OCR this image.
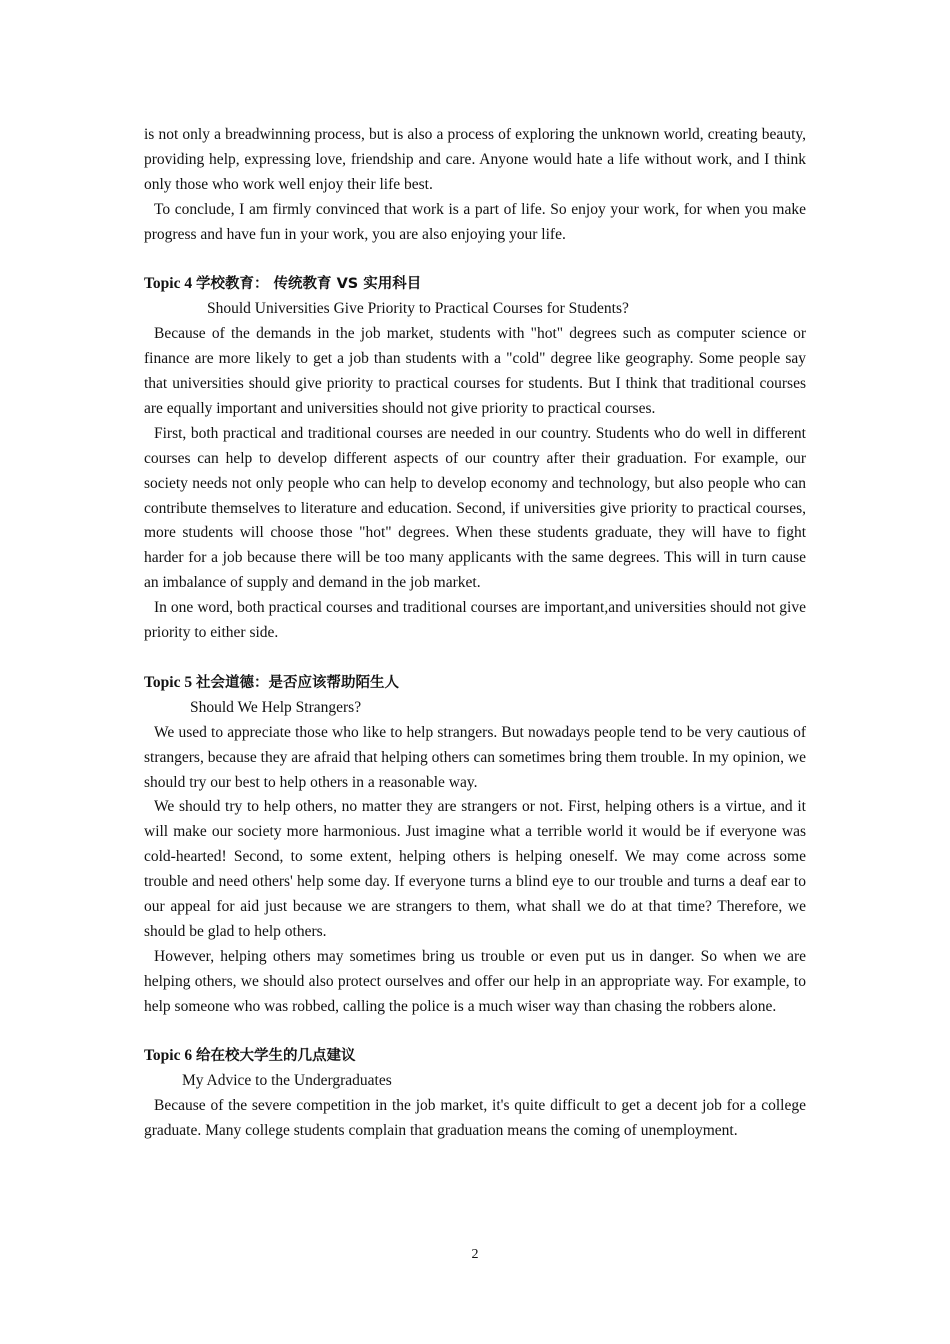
is not only a breadwinning process, but is also a process of exploring the unknown world, creating beauty, providing help, expressing love, friendship and care. Anyone would hate a life without work, and I think only those who work well enjoy their life best.

To conclude, I am firmly convinced that work is a part of life. So enjoy your work, for when you make progress and have fun in your work, you are also enjoying your life.

Topic 4 学校教育： 传统教育 VS 实用科目

Should Universities Give Priority to Practical Courses for Students?

Because of the demands in the job market, students with "hot" degrees such as computer science or finance are more likely to get a job than students with a "cold" degree like geography. Some people say that universities should give priority to practical courses for students. But I think that traditional courses are equally important and universities should not give priority to practical courses.

First, both practical and traditional courses are needed in our country. Students who do well in different courses can help to develop different aspects of our country after their graduation. For example, our society needs not only people who can help to develop economy and technology, but also people who can contribute themselves to literature and education. Second, if universities give priority to practical courses, more students will choose those "hot" degrees. When these students graduate, they will have to fight harder for a job because there will be too many applicants with the same degrees. This will in turn cause an imbalance of supply and demand in the job market.

In one word, both practical courses and traditional courses are important,and universities should not give priority to either side.

Topic 5 社会道德：是否应该帮助陌生人

Should We Help Strangers?

We used to appreciate those who like to help strangers. But nowadays people tend to be very cautious of strangers, because they are afraid that helping others can sometimes bring them trouble. In my opinion, we should try our best to help others in a reasonable way.

We should try to help others, no matter they are strangers or not. First, helping others is a virtue, and it will make our society more harmonious. Just imagine what a terrible world it would be if everyone was cold-hearted! Second, to some extent, helping others is helping oneself. We may come across some trouble and need others' help some day. If everyone turns a blind eye to our trouble and turns a deaf ear to our appeal for aid just because we are strangers to them, what shall we do at that time? Therefore, we should be glad to help others.

However, helping others may sometimes bring us trouble or even put us in danger. So when we are helping others, we should also protect ourselves and offer our help in an appropriate way. For example, to help someone who was robbed, calling the police is a much wiser way than chasing the robbers alone.

Topic 6 给在校大学生的几点建议

My Advice to the Undergraduates

Because of the severe competition in the job market, it's quite difficult to get a decent job for a college graduate. Many college students complain that graduation means the coming of unemployment.

2
